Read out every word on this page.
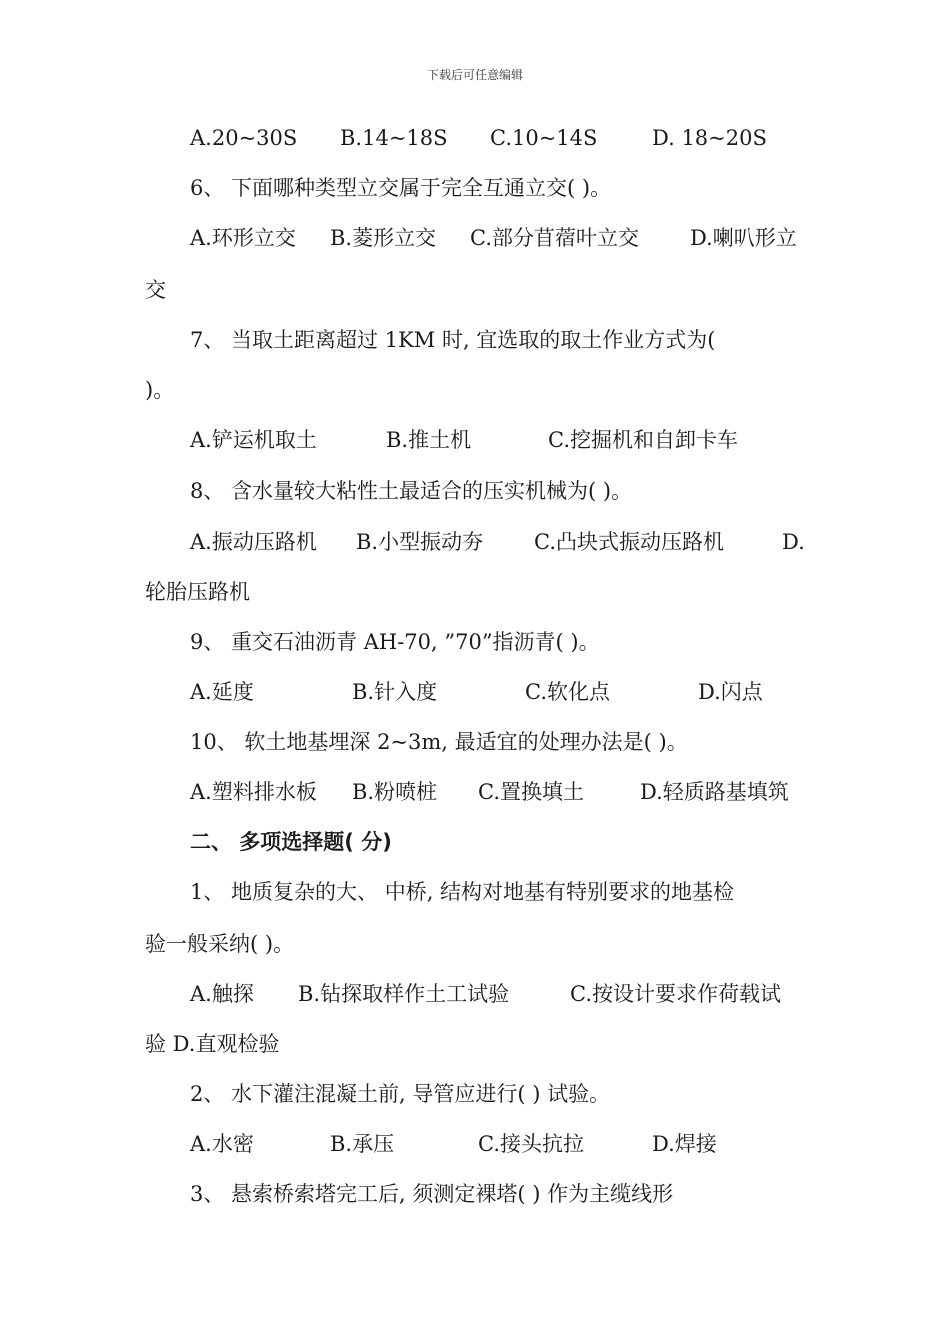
下载后可任意编辑
A.20~30S B.14~18S C.10~14S	D. 18~20S
6、 下面哪种类型立交属于完全互通立交( )。
A.环形立交 B.菱形立交 C.部分苜蓿叶立交 D.喇叭形立
交
7、 当取土距离超过 1KM 时, 宜选取的取土作业方式为(
)。
A.铲运机取土	B.推土机	C.挖掘机和自卸卡车
8、 含水量较大粘性土最适合的压实机械为( )。
A.振动压路机 B.小型振动夯 C.凸块式振动压路机	D.
轮胎压路机
9、 重交石油沥青 AH-70, ”70”指沥青( )。
A.延度	B.针入度	C.软化点	D.闪点
10、 软土地基埋深 2~3m, 最适宜的处理办法是( )。
A.塑料排水板 B.粉喷桩 C.置换填土	D.轻质路基填筑
二、 多项选择题( 分)
1、 地质复杂的大、 中桥, 结构对地基有特别要求的地基检
验一般采纳( )。
A.触探 B.钻探取样作土工试验	C.按设计要求作荷载试
验 D.直观检验
2、 水下灌注混凝土前, 导管应进行( ) 试验。
A.水密	B.承压	C.接头抗拉	D.焊接
3、 悬索桥索塔完工后, 须测定裸塔( ) 作为主缆线形
